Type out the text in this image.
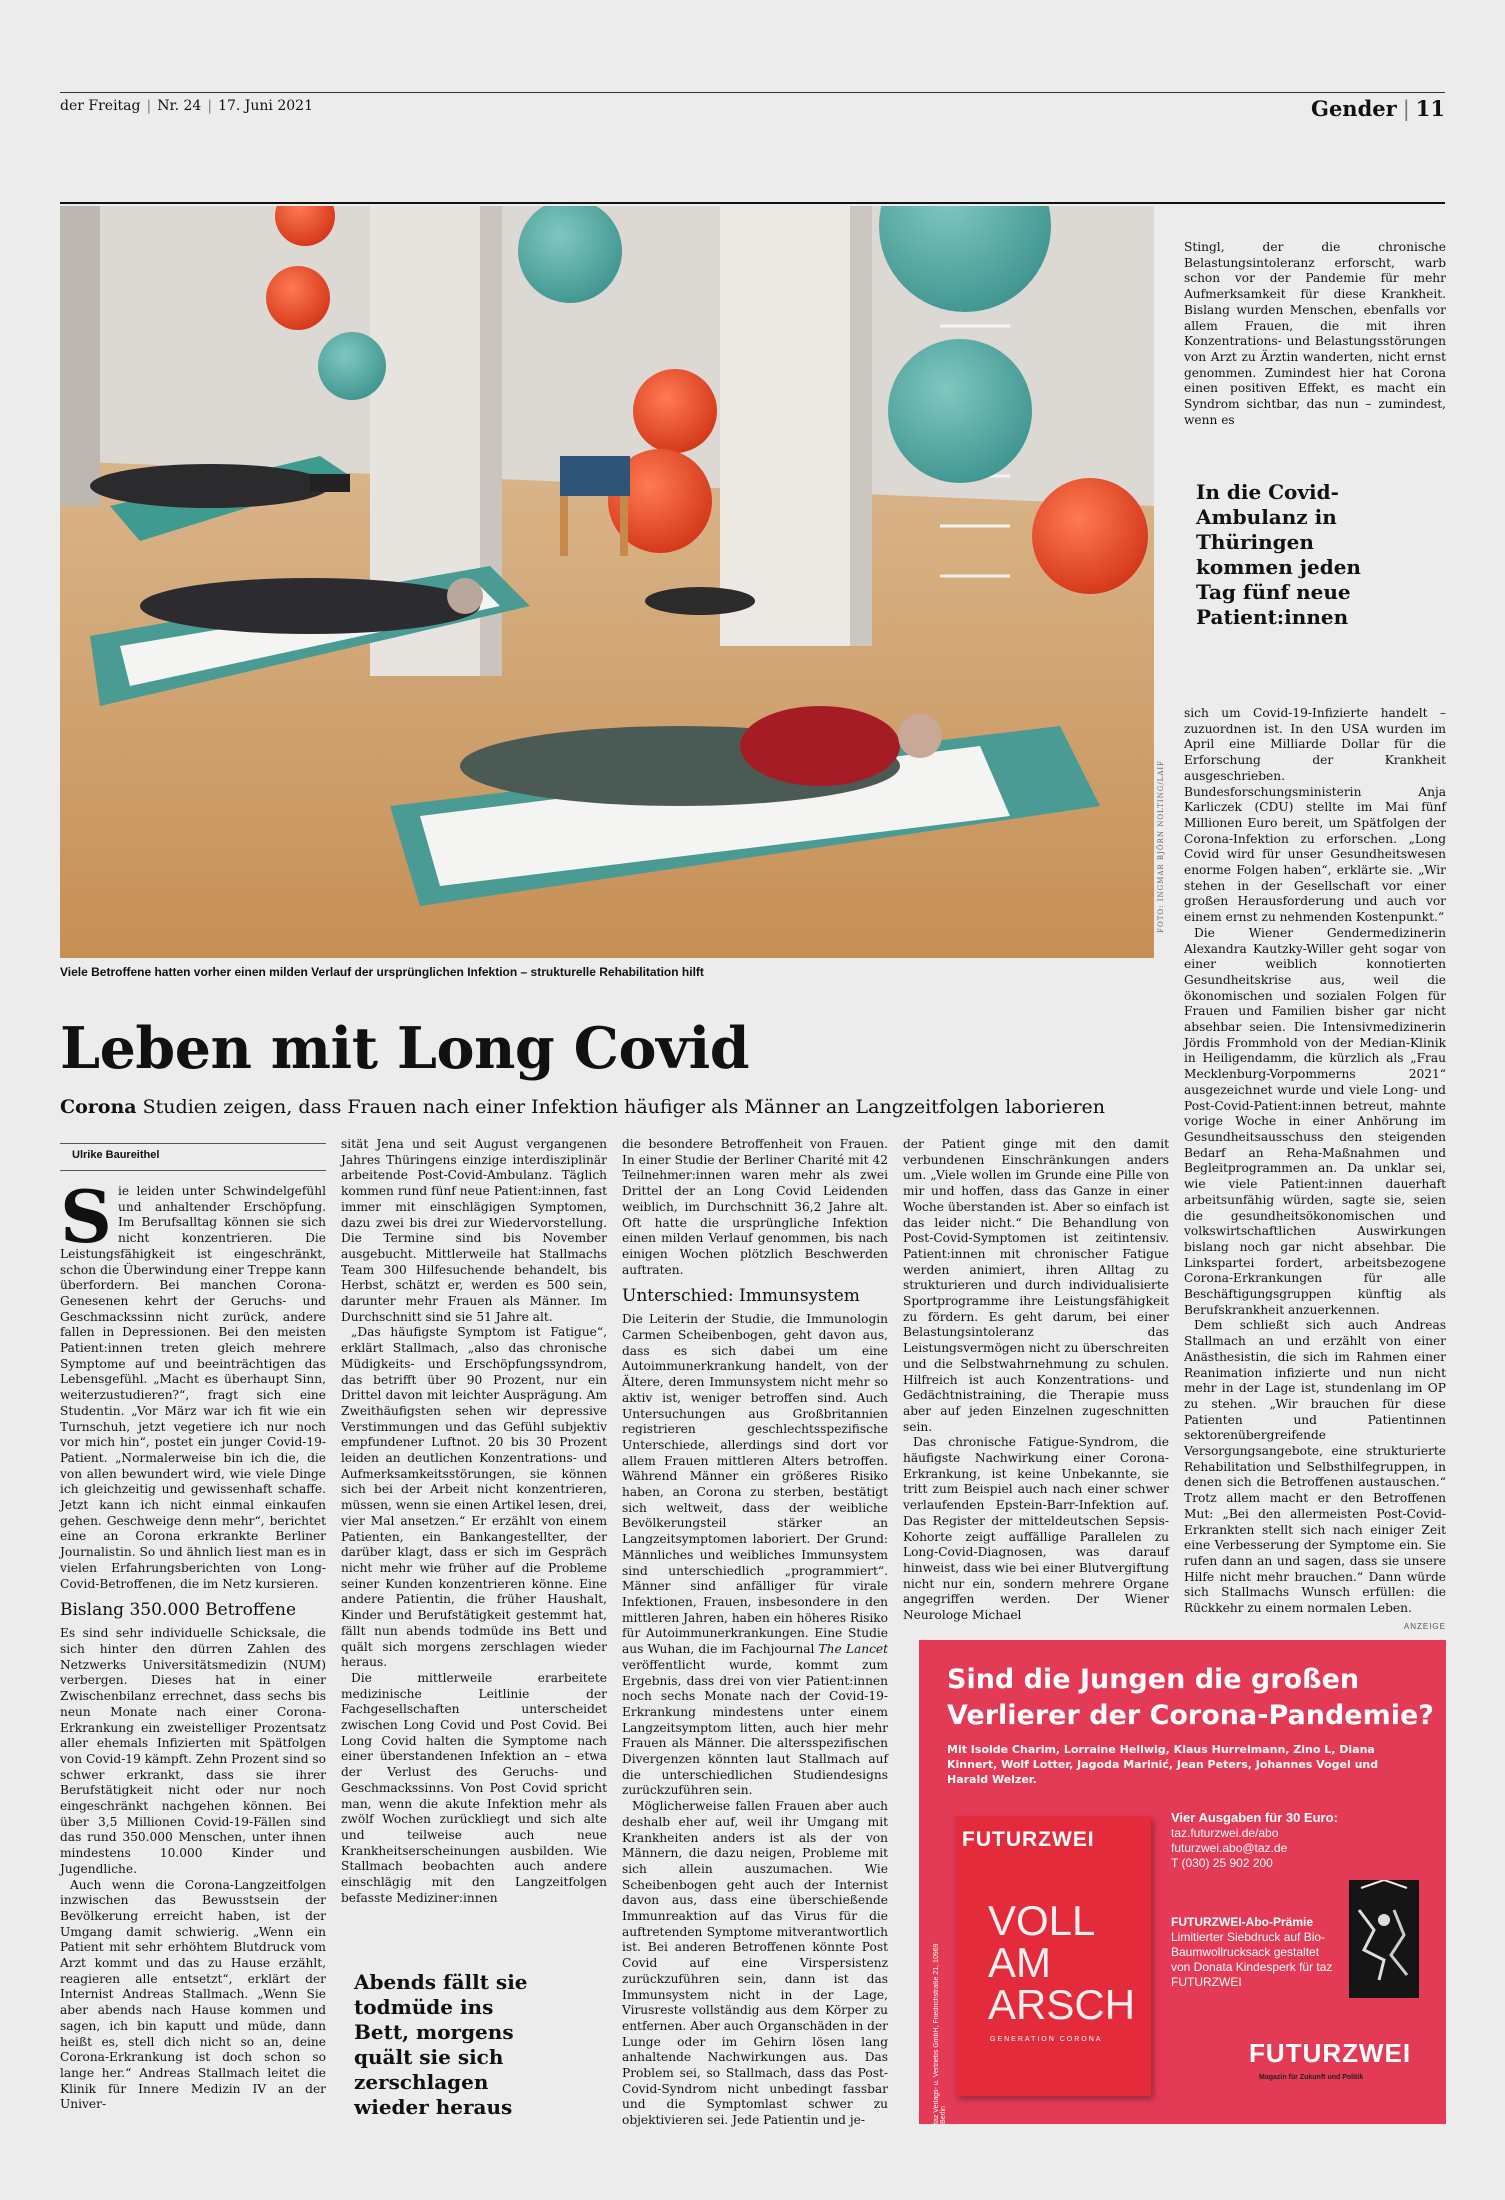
der Freitag | Nr. 24 | 17. Juni 2021	Gender | 11
FOTO: INGMAR BJÖRN NOLTING/LAIF
Viele Betroffene hatten vorher einen milden Verlauf der ursprünglichen Infektion – strukturelle Rehabilitation hilft
Leben mit Long Covid
Corona Studien zeigen, dass Frauen nach einer Infektion häufiger als Männer an Langzeitfolgen laborieren
Ulrike Baureithel

Sie leiden unter Schwindelgefühl und anhaltender Erschöpfung. Im Berufsalltag können sie sich nicht konzentrieren. Die Leistungsfähigkeit ist eingeschränkt, schon die Überwindung einer Treppe kann überfordern. Bei manchen Corona-Genesenen kehrt der Geruchs- und Geschmackssinn nicht zurück, andere fallen in Depressionen. Bei den meisten Patient:innen treten gleich mehrere Symptome auf und beeinträchtigen das Lebensgefühl. „Macht es überhaupt Sinn, weiterzustudieren?“, fragt sich eine Studentin. „Vor März war ich fit wie ein Turnschuh, jetzt vegetiere ich nur noch vor mich hin“, postet ein junger Covid-19-Patient. „Normalerweise bin ich die, die von allen bewundert wird, wie viele Dinge ich gleichzeitig und gewissenhaft schaffe. Jetzt kann ich nicht einmal einkaufen gehen. Geschweige denn mehr“, berichtet eine an Corona erkrankte Berliner Journalistin. So und ähnlich liest man es in vielen Erfahrungsberichten von Long-Covid-Betroffenen, die im Netz kursieren.

Bislang 350.000 Betroffene

Es sind sehr individuelle Schicksale, die sich hinter den dürren Zahlen des Netzwerks Universitätsmedizin (NUM) verbergen. Dieses hat in einer Zwischenbilanz errechnet, dass sechs bis neun Monate nach einer Corona-Erkrankung ein zweistelliger Prozentsatz aller ehemals Infizierten mit Spätfolgen von Covid-19 kämpft. Zehn Prozent sind so schwer erkrankt, dass sie ihrer Berufstätigkeit nicht oder nur noch eingeschränkt nachgehen können. Bei über 3,5 Millionen Covid-19-Fällen sind das rund 350.000 Menschen, unter ihnen mindestens 10.000 Kinder und Jugendliche.

Auch wenn die Corona-Langzeitfolgen inzwischen das Bewusstsein der Bevölkerung erreicht haben, ist der Umgang damit schwierig. „Wenn ein Patient mit sehr erhöhtem Blutdruck vom Arzt kommt und das zu Hause erzählt, reagieren alle entsetzt“, erklärt der Internist Andreas Stallmach. „Wenn Sie aber abends nach Hause kommen und sagen, ich bin kaputt und müde, dann heißt es, stell dich nicht so an, deine Corona-Erkrankung ist doch schon so lange her.“ Andreas Stallmach leitet die Klinik für Innere Medizin IV an der Univer-

sität Jena und seit August vergangenen Jahres Thüringens einzige interdisziplinär arbeitende Post-Covid-Ambulanz. Täglich kommen rund fünf neue Patient:innen, fast immer mit einschlägigen Symptomen, dazu zwei bis drei zur Wiedervorstellung. Die Termine sind bis November ausgebucht. Mittlerweile hat Stallmachs Team 300 Hilfesuchende behandelt, bis Herbst, schätzt er, werden es 500 sein, darunter mehr Frauen als Männer. Im Durchschnitt sind sie 51 Jahre alt.

„Das häufigste Symptom ist Fatigue“, erklärt Stallmach, „also das chronische Müdigkeits- und Erschöpfungssyndrom, das betrifft über 90 Prozent, nur ein Drittel davon mit leichter Ausprägung. Am Zweithäufigsten sehen wir depressive Verstimmungen und das Gefühl subjektiv empfundener Luftnot. 20 bis 30 Prozent leiden an deutlichen Konzentrations- und Aufmerksamkeitsstörungen, sie können sich bei der Arbeit nicht konzentrieren, müssen, wenn sie einen Artikel lesen, drei, vier Mal ansetzen.“ Er erzählt von einem Patienten, ein Bankangestellter, der darüber klagt, dass er sich im Gespräch nicht mehr wie früher auf die Probleme seiner Kunden konzentrieren könne. Eine andere Patientin, die früher Haushalt, Kinder und Berufstätigkeit gestemmt hat, fällt nun abends todmüde ins Bett und quält sich morgens zerschlagen wieder heraus.

Die mittlerweile erarbeitete medizinische Leitlinie der Fachgesellschaften unterscheidet zwischen Long Covid und Post Covid. Bei Long Covid halten die Symptome nach einer überstandenen Infektion an – etwa der Verlust des Geruchs- und Geschmackssinns. Von Post Covid spricht man, wenn die akute Infektion mehr als zwölf Wochen zurückliegt und sich alte und teilweise auch neue Krankheitserscheinungen ausbilden. Wie Stallmach beobachten auch andere einschlägig mit den Langzeitfolgen befasste Mediziner:innen

Abends fällt sie todmüde ins Bett, morgens quält sie sich zerschlagen wieder heraus

die besondere Betroffenheit von Frauen. In einer Studie der Berliner Charité mit 42 Teilnehmer:innen waren mehr als zwei Drittel der an Long Covid Leidenden weiblich, im Durchschnitt 36,2 Jahre alt. Oft hatte die ursprüngliche Infektion einen milden Verlauf genommen, bis nach einigen Wochen plötzlich Beschwerden auftraten.

Unterschied: Immunsystem

Die Leiterin der Studie, die Immunologin Carmen Scheibenbogen, geht davon aus, dass es sich dabei um eine Autoimmunerkrankung handelt, von der Ältere, deren Immunsystem nicht mehr so aktiv ist, weniger betroffen sind. Auch Untersuchungen aus Großbritannien registrieren geschlechtsspezifische Unterschiede, allerdings sind dort vor allem Frauen mittleren Alters betroffen. Während Männer ein größeres Risiko haben, an Corona zu sterben, bestätigt sich weltweit, dass der weibliche Bevölkerungsteil stärker an Langzeitsymptomen laboriert. Der Grund: Männliches und weibliches Immunsystem sind unterschiedlich „programmiert“. Männer sind anfälliger für virale Infektionen, Frauen, insbesondere in den mittleren Jahren, haben ein höheres Risiko für Autoimmunerkrankungen. Eine Studie aus Wuhan, die im Fachjournal The Lancet veröffentlicht wurde, kommt zum Ergebnis, dass drei von vier Patient:innen noch sechs Monate nach der Covid-19-Erkrankung mindestens unter einem Langzeitsymptom litten, auch hier mehr Frauen als Männer. Die altersspezifischen Divergenzen könnten laut Stallmach auf die unterschiedlichen Studiendesigns zurückzuführen sein.

Möglicherweise fallen Frauen aber auch deshalb eher auf, weil ihr Umgang mit Krankheiten anders ist als der von Männern, die dazu neigen, Probleme mit sich allein auszumachen. Wie Scheibenbogen geht auch der Internist davon aus, dass eine überschießende Immunreaktion auf das Virus für die auftretenden Symptome mitverantwortlich ist. Bei anderen Betroffenen könnte Post Covid auf eine Virspersistenz zurückzuführen sein, dann ist das Immunsystem nicht in der Lage, Virusreste vollständig aus dem Körper zu entfernen. Aber auch Organschäden in der Lunge oder im Gehirn lösen lang anhaltende Nachwirkungen aus. Das Problem sei, so Stallmach, dass das Post-Covid-Syndrom nicht unbedingt fassbar und die Symptomlast schwer zu objektivieren sei. Jede Patientin und je-

der Patient ginge mit den damit verbundenen Einschränkungen anders um. „Viele wollen im Grunde eine Pille von mir und hoffen, dass das Ganze in einer Woche überstanden ist. Aber so einfach ist das leider nicht.“ Die Behandlung von Post-Covid-Symptomen ist zeitintensiv. Patient:innen mit chronischer Fatigue werden animiert, ihren Alltag zu strukturieren und durch individualisierte Sportprogramme ihre Leistungsfähigkeit zu fördern. Es geht darum, bei einer Belastungsintoleranz das Leistungsvermögen nicht zu überschreiten und die Selbstwahrnehmung zu schulen. Hilfreich ist auch Konzentrations- und Gedächtnistraining, die Therapie muss aber auf jeden Einzelnen zugeschnitten sein.

Das chronische Fatigue-Syndrom, die häufigste Nachwirkung einer Corona-Erkrankung, ist keine Unbekannte, sie tritt zum Beispiel auch nach einer schwer verlaufenden Epstein-Barr-Infektion auf. Das Register der mitteldeutschen Sepsis-Kohorte zeigt auffällige Parallelen zu Long-Covid-Diagnosen, was darauf hinweist, dass wie bei einer Blutvergiftung nicht nur ein, sondern mehrere Organe angegriffen werden. Der Wiener Neurologe Michael

Stingl, der die chronische Belastungsintoleranz erforscht, warb schon vor der Pandemie für mehr Aufmerksamkeit für diese Krankheit. Bislang wurden Menschen, ebenfalls vor allem Frauen, die mit ihren Konzentrations- und Belastungsstörungen von Arzt zu Ärztin wanderten, nicht ernst genommen. Zumindest hier hat Corona einen positiven Effekt, es macht ein Syndrom sichtbar, das nun – zumindest, wenn es

In die Covid-Ambulanz in Thüringen kommen jeden Tag fünf neue Patient:innen

sich um Covid-19-Infizierte handelt – zuzuordnen ist. In den USA wurden im April eine Milliarde Dollar für die Erforschung der Krankheit ausgeschrieben. Bundesforschungsministerin Anja Karliczek (CDU) stellte im Mai fünf Millionen Euro bereit, um Spätfolgen der Corona-Infektion zu erforschen. „Long Covid wird für unser Gesundheitswesen enorme Folgen haben“, erklärte sie. „Wir stehen in der Gesellschaft vor einer großen Herausforderung und auch vor einem ernst zu nehmenden Kostenpunkt.“

Die Wiener Gendermedizinerin Alexandra Kautzky-Willer geht sogar von einer weiblich konnotierten Gesundheitskrise aus, weil die ökonomischen und sozialen Folgen für Frauen und Familien bisher gar nicht absehbar seien. Die Intensivmedizinerin Jördis Frommhold von der Median-Klinik in Heiligendamm, die kürzlich als „Frau Mecklenburg-Vorpommerns 2021“ ausgezeichnet wurde und viele Long- und Post-Covid-Patient:innen betreut, mahnte vorige Woche in einer Anhörung im Gesundheitsausschuss den steigenden Bedarf an Reha-Maßnahmen und Begleitprogrammen an. Da unklar sei, wie viele Patient:innen dauerhaft arbeitsunfähig würden, sagte sie, seien die gesundheitsökonomischen und volkswirtschaftlichen Auswirkungen bislang noch gar nicht absehbar. Die Linkspartei fordert, arbeitsbezogene Corona-Erkrankungen für alle Beschäftigungsgruppen künftig als Berufskrankheit anzuerkennen.

Dem schließt sich auch Andreas Stallmach an und erzählt von einer Anästhesistin, die sich im Rahmen einer Reanimation infizierte und nun nicht mehr in der Lage ist, stundenlang im OP zu stehen. „Wir brauchen für diese Patienten und Patientinnen sektorenübergreifende Versorgungsangebote, eine strukturierte Rehabilitation und Selbsthilfegruppen, in denen sich die Betroffenen austauschen.“ Trotz allem macht er den Betroffenen Mut: „Bei den allermeisten Post-Covid-Erkrankten stellt sich nach einiger Zeit eine Verbesserung der Symptome ein. Sie rufen dann an und sagen, dass sie unsere Hilfe nicht mehr brauchen.“ Dann würde sich Stallmachs Wunsch erfüllen: die Rückkehr zu einem normalen Leben.

ANZEIGE
Sind die Jungen die großen
Verlierer der Corona-Pandemie?
Mit Isolde Charim, Lorraine Hellwig, Klaus Hurrelmann, Zino L, Diana Kinnert, Wolf Lotter, Jagoda Marinić, Jean Peters, Johannes Vogel und Harald Welzer.
taz Verlags- u. Vertriebs GmbH, Friedrichstraße 21, 10969 Berlin
FUTURZWEI
VOLL
AM
ARSCH
GENERATION CORONA
Vier Ausgaben für 30 Euro:
taz.futurzwei.de/abo
futurzwei.abo@taz.de
T (030) 25 902 200
FUTURZWEI-Abo-Prämie

Limitierter Siebdruck auf Bio-Baumwollrucksack gestaltet von Donata Kindesperk für taz FUTURZWEI
FUTURZWEI
Magazin für Zukunft und Politik
